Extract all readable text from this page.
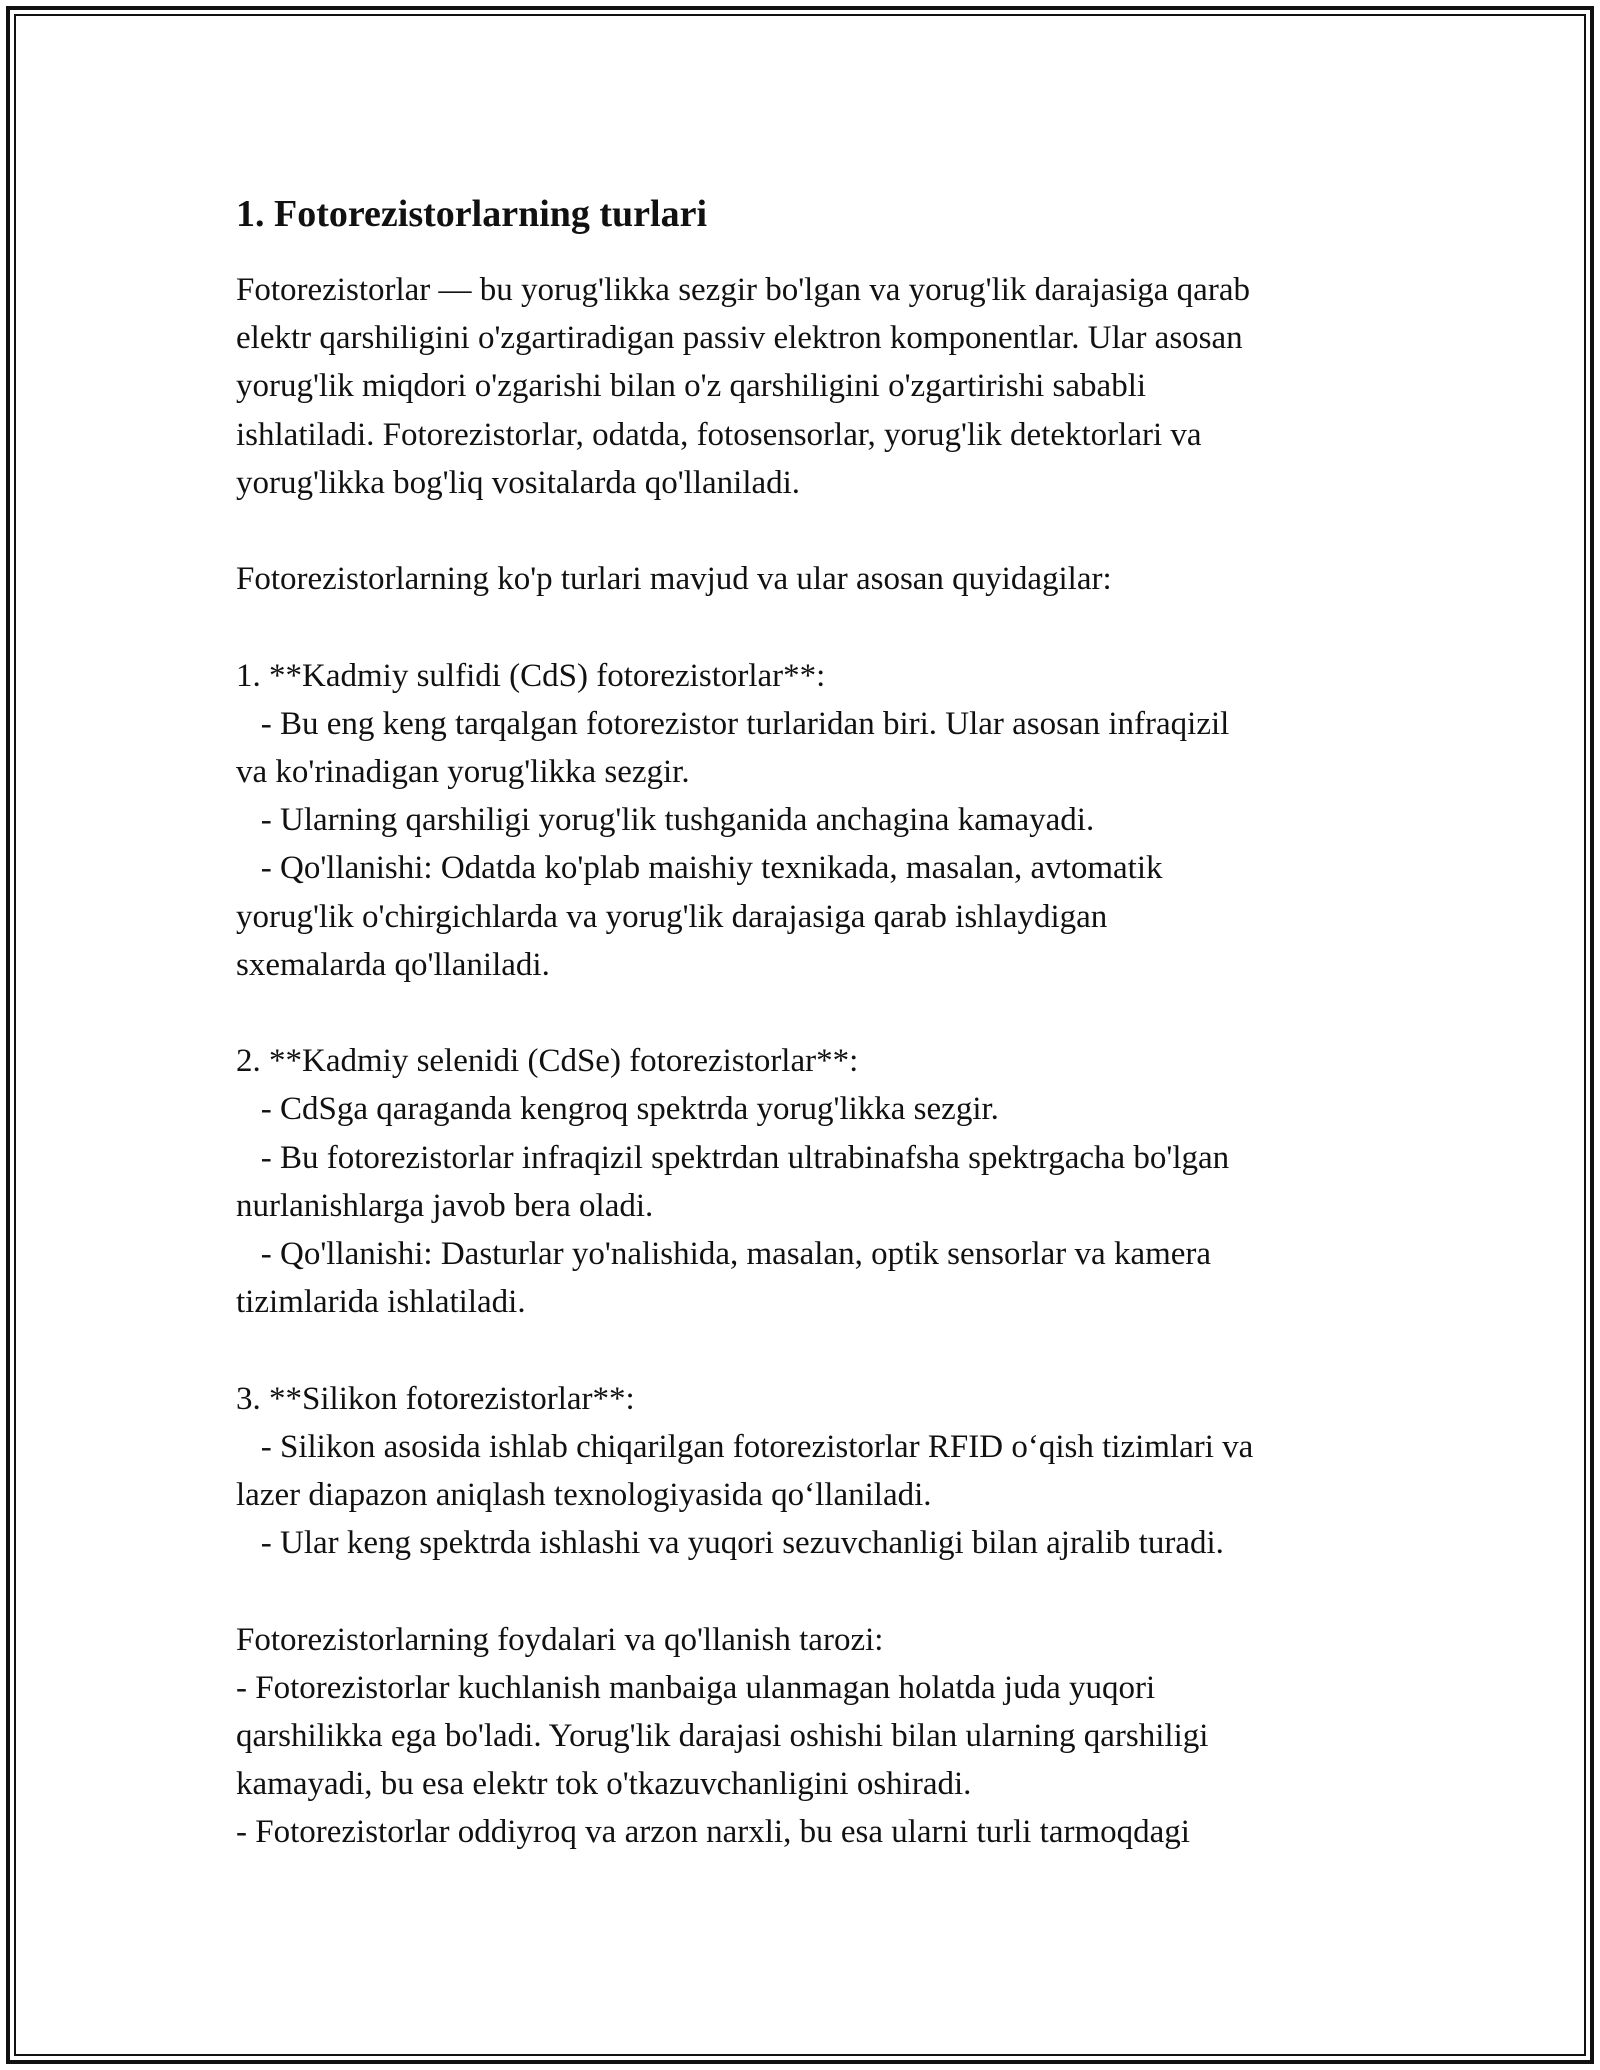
1. Fotorezistorlarning turlari

Fotorezistorlar — bu yorug'likka sezgir bo'lgan va yorug'lik darajasiga qarab
elektr qarshiligini o'zgartiradigan passiv elektron komponentlar. Ular asosan
yorug'lik miqdori o'zgarishi bilan o'z qarshiligini o'zgartirishi sababli
ishlatiladi. Fotorezistorlar, odatda, fotosensorlar, yorug'lik detektorlari va
yorug'likka bog'liq vositalarda qo'llaniladi.

Fotorezistorlarning ko'p turlari mavjud va ular asosan quyidagilar:

1. **Kadmiy sulfidi (CdS) fotorezistorlar**:
- Bu eng keng tarqalgan fotorezistor turlaridan biri. Ular asosan infraqizil
va ko'rinadigan yorug'likka sezgir.
- Ularning qarshiligi yorug'lik tushganida anchagina kamayadi.
- Qo'llanishi: Odatda ko'plab maishiy texnikada, masalan, avtomatik
yorug'lik o'chirgichlarda va yorug'lik darajasiga qarab ishlaydigan
sxemalarda qo'llaniladi.

2. **Kadmiy selenidi (CdSe) fotorezistorlar**:
- CdSga qaraganda kengroq spektrda yorug'likka sezgir.
- Bu fotorezistorlar infraqizil spektrdan ultrabinafsha spektrgacha bo'lgan
nurlanishlarga javob bera oladi.
- Qo'llanishi: Dasturlar yo'nalishida, masalan, optik sensorlar va kamera
tizimlarida ishlatiladi.

3. **Silikon fotorezistorlar**:
- Silikon asosida ishlab chiqarilgan fotorezistorlar RFID o‘qish tizimlari va
lazer diapazon aniqlash texnologiyasida qo‘llaniladi.
- Ular keng spektrda ishlashi va yuqori sezuvchanligi bilan ajralib turadi.

Fotorezistorlarning foydalari va qo'llanish tarozi:
- Fotorezistorlar kuchlanish manbaiga ulanmagan holatda juda yuqori
qarshilikka ega bo'ladi. Yorug'lik darajasi oshishi bilan ularning qarshiligi
kamayadi, bu esa elektr tok o'tkazuvchanligini oshiradi.
- Fotorezistorlar oddiyroq va arzon narxli, bu esa ularni turli tarmoqdagi
